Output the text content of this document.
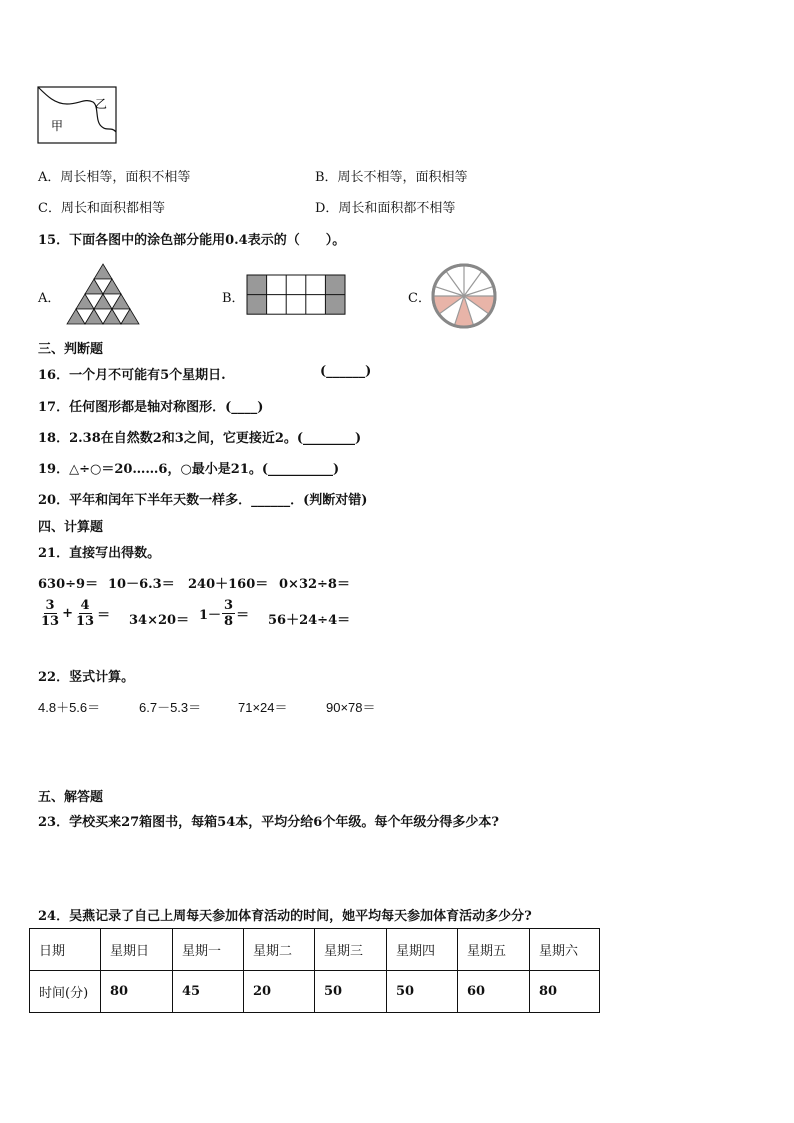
甲
乙
A．周长相等，面积不相等	B．周长不相等，面积相等
C．周长和面积都相等	D．周长和面积都不相等
15．下面各图中的涂色部分能用0.4表示的（　　）。
A．	B．	C．
三、判断题
16．一个月不可能有5个星期日.	(______)
17．任何图形都是轴对称图形．(____)
18．2.38在自然数2和3之间，它更接近2。(________)
19．△÷○＝20……6，○最小是21。(__________)
20．平年和闰年下半年天数一样多．______．(判断对错)
四、计算题
21．直接写出得数。
630÷9＝ 10－6.3＝ 240＋160＝ 0×32÷8＝
$\frac{3}{13} + \frac{4}{13} = 34\times 20= 1- \frac{3}{8} = 56+24\div 4=$
22．竖式计算。
4.8＋5.6＝	6.7－5.3＝	71×24＝	90×78＝
五、解答题
23．学校买来27箱图书，每箱54本，平均分给6个年级。每个年级分得多少本?
24．吴燕记录了自己上周每天参加体育活动的时间，她平均每天参加体育活动多少分?
日期	星期日	星期一	星期二	星期三	星期四	星期五	星期六
时间(分)	80	45	20	50	50	60	80
